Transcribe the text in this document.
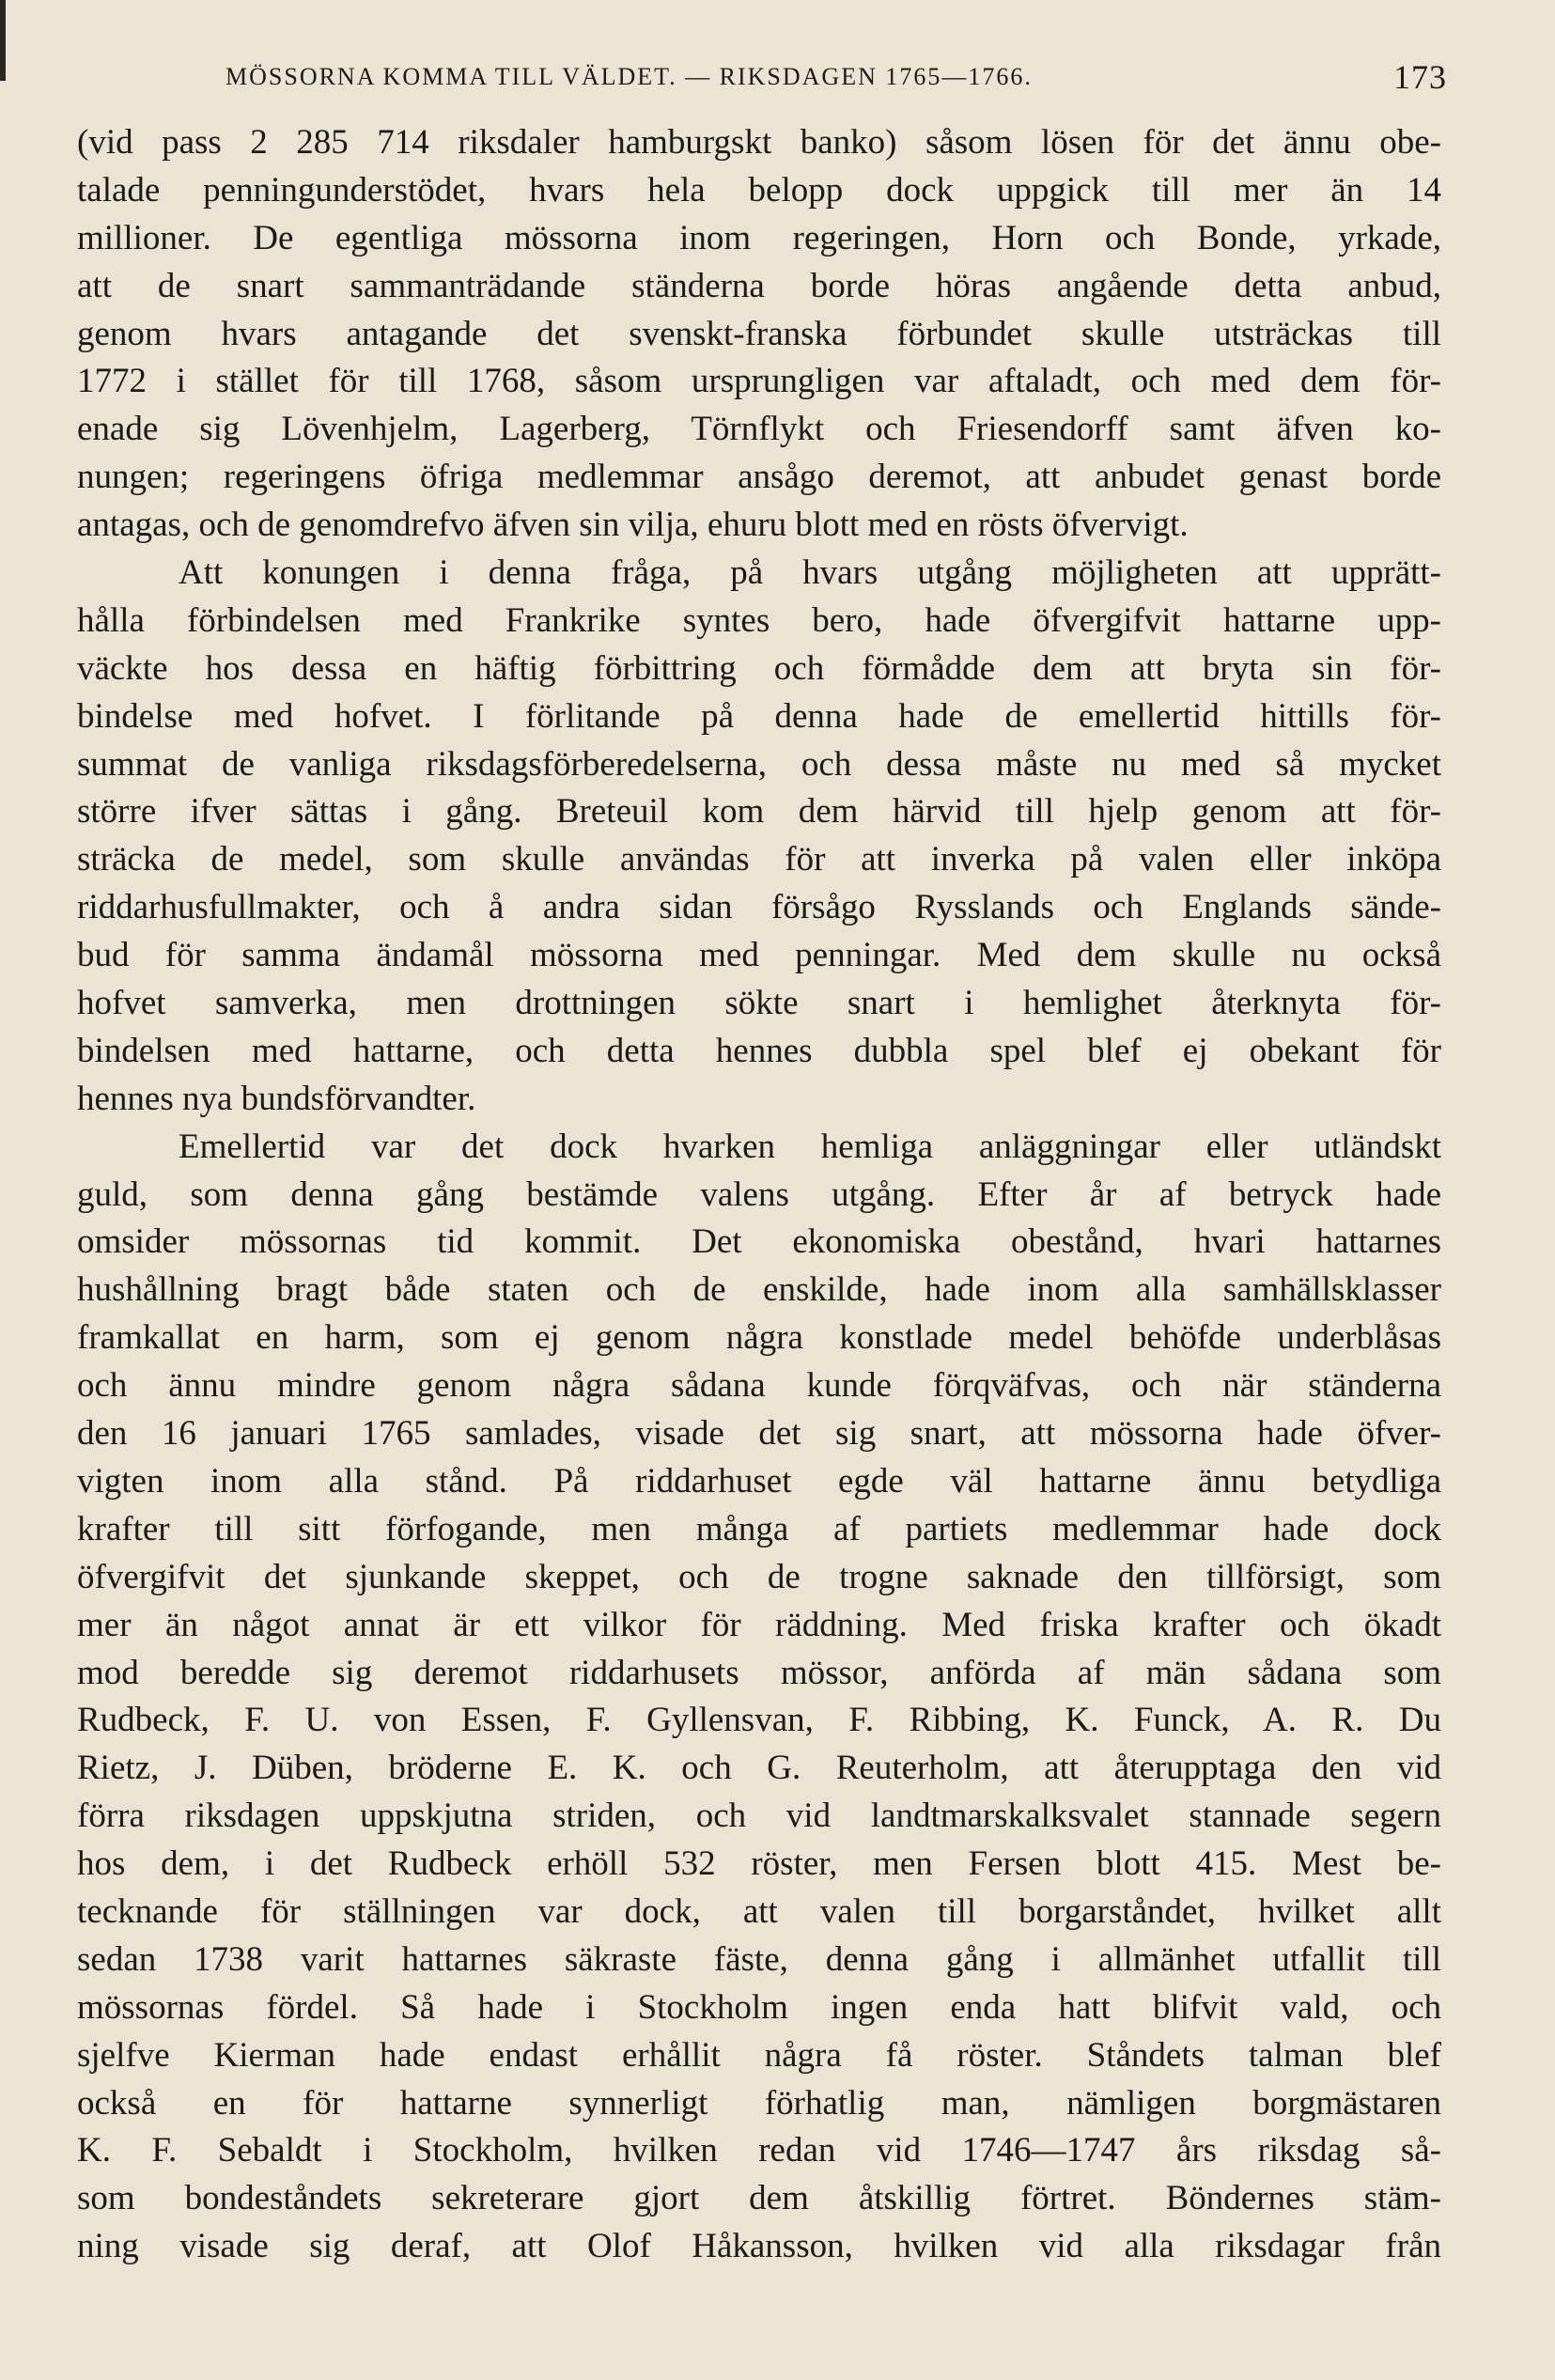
MÖSSORNA KOMMA TILL VÄLDET. — RIKSDAGEN 1765—1766.	173
(vid pass 2 285 714 riksdaler hamburgskt banko) såsom lösen för det ännu obe-
talade penningunderstödet, hvars hela belopp dock uppgick till mer än 14
millioner. De egentliga mössorna inom regeringen, Horn och Bonde, yrkade,
att de snart sammanträdande ständerna borde höras angående detta anbud,
genom hvars antagande det svenskt-franska förbundet skulle utsträckas till
1772 i stället för till 1768, såsom ursprungligen var aftaladt, och med dem för-
enade sig Lövenhjelm, Lagerberg, Törnflykt och Friesendorff samt äfven ko-
nungen; regeringens öfriga medlemmar ansågo deremot, att anbudet genast borde
antagas, och de genomdrefvo äfven sin vilja, ehuru blott med en rösts öfvervigt.
Att konungen i denna fråga, på hvars utgång möjligheten att upprätt-
hålla förbindelsen med Frankrike syntes bero, hade öfvergifvit hattarne upp-
väckte hos dessa en häftig förbittring och förmådde dem att bryta sin för-
bindelse med hofvet. I förlitande på denna hade de emellertid hittills för-
summat de vanliga riksdagsförberedelserna, och dessa måste nu med så mycket
större ifver sättas i gång. Breteuil kom dem härvid till hjelp genom att för-
sträcka de medel, som skulle användas för att inverka på valen eller inköpa
riddarhusfullmakter, och å andra sidan försågo Rysslands och Englands sände-
bud för samma ändamål mössorna med penningar. Med dem skulle nu också
hofvet samverka, men drottningen sökte snart i hemlighet återknyta för-
bindelsen med hattarne, och detta hennes dubbla spel blef ej obekant för
hennes nya bundsförvandter.
Emellertid var det dock hvarken hemliga anläggningar eller utländskt
guld, som denna gång bestämde valens utgång. Efter år af betryck hade
omsider mössornas tid kommit. Det ekonomiska obestånd, hvari hattarnes
hushållning bragt både staten och de enskilde, hade inom alla samhällsklasser
framkallat en harm, som ej genom några konstlade medel behöfde underblåsas
och ännu mindre genom några sådana kunde förqväfvas, och när ständerna
den 16 januari 1765 samlades, visade det sig snart, att mössorna hade öfver-
vigten inom alla stånd. På riddarhuset egde väl hattarne ännu betydliga
krafter till sitt förfogande, men många af partiets medlemmar hade dock
öfvergifvit det sjunkande skeppet, och de trogne saknade den tillförsigt, som
mer än något annat är ett vilkor för räddning. Med friska krafter och ökadt
mod beredde sig deremot riddarhusets mössor, anförda af män sådana som
Rudbeck, F. U. von Essen, F. Gyllensvan, F. Ribbing, K. Funck, A. R. Du
Rietz, J. Düben, bröderne E. K. och G. Reuterholm, att återupptaga den vid
förra riksdagen uppskjutna striden, och vid landtmarskalksvalet stannade segern
hos dem, i det Rudbeck erhöll 532 röster, men Fersen blott 415. Mest be-
tecknande för ställningen var dock, att valen till borgarståndet, hvilket allt
sedan 1738 varit hattarnes säkraste fäste, denna gång i allmänhet utfallit till
mössornas fördel. Så hade i Stockholm ingen enda hatt blifvit vald, och
sjelfve Kierman hade endast erhållit några få röster. Ståndets talman blef
också en för hattarne synnerligt förhatlig man, nämligen borgmästaren
K. F. Sebaldt i Stockholm, hvilken redan vid 1746—1747 års riksdag så-
som bondeståndets sekreterare gjort dem åtskillig förtret. Böndernes stäm-
ning visade sig deraf, att Olof Håkansson, hvilken vid alla riksdagar från
